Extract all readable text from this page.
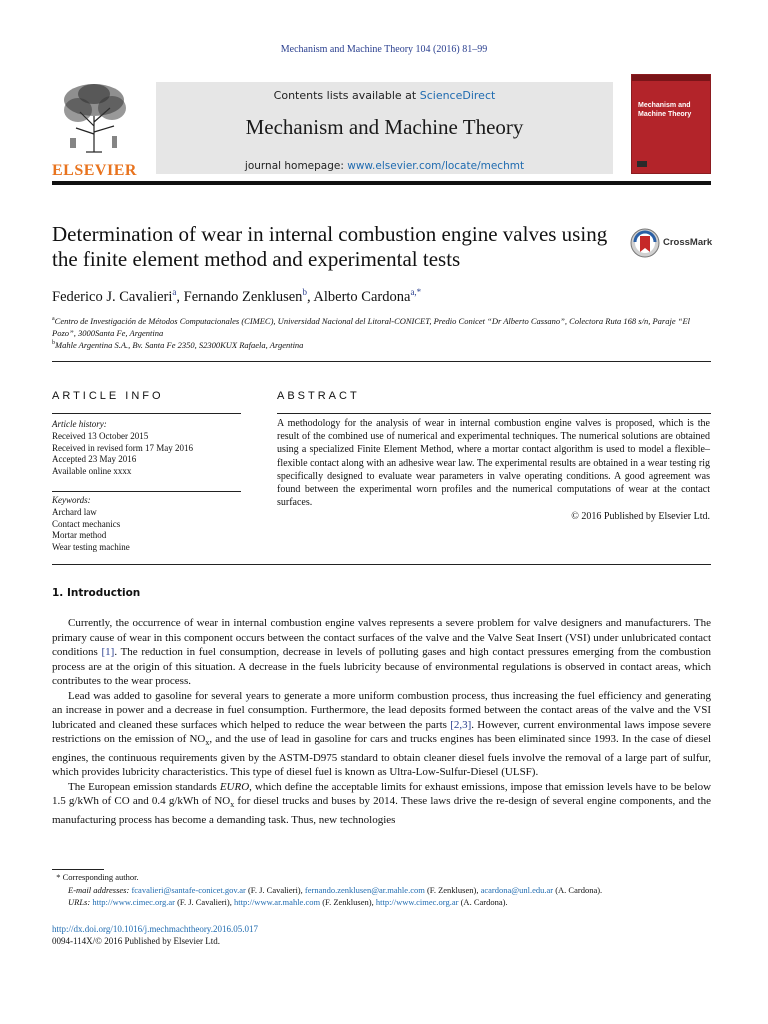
Mechanism and Machine Theory 104 (2016) 81–99
ELSEVIER
Contents lists available at ScienceDirect
Mechanism and Machine Theory
journal homepage: www.elsevier.com/locate/mechmt
Mechanism and Machine Theory
Determination of wear in internal combustion engine valves using the finite element method and experimental tests
CrossMark
Federico J. Cavalieri$^a$, Fernando Zenklusen$^b$, Alberto Cardona$^{a,*}$
$^a$Centro de Investigación de Métodos Computacionales (CIMEC), Universidad Nacional del Litoral-CONICET, Predio Conicet “Dr Alberto Cassano”, Colectora Ruta 168 s/n, Paraje “El Pozo”, 3000Santa Fe, Argentina
$^b$Mahle Argentina S.A., Bv. Santa Fe 2350, S2300KUX Rafaela, Argentina
ARTICLE INFO
Article history:
Received 13 October 2015
Received in revised form 17 May 2016
Accepted 23 May 2016
Available online xxxx
Keywords:
Archard law
Contact mechanics
Mortar method
Wear testing machine
ABSTRACT
A methodology for the analysis of wear in internal combustion engine valves is proposed, which is the result of the combined use of numerical and experimental techniques. The numerical solutions are obtained using a specialized Finite Element Method, where a mortar contact algorithm is used to model a flexible–flexible contact along with an adhesive wear law. The experimental results are obtained in a wear testing rig specifically designed to evaluate wear parameters in valve operating conditions. A good agreement was found between the experimental worn profiles and the numerical computations of wear at the contact surfaces.
© 2016 Published by Elsevier Ltd.
1. Introduction

Currently, the occurrence of wear in internal combustion engine valves represents a severe problem for valve designers and manufacturers. The primary cause of wear in this component occurs between the contact surfaces of the valve and the Valve Seat Insert (VSI) under unlubricated contact conditions [1]. The reduction in fuel consumption, decrease in levels of polluting gases and high contact pressures emerging from the combustion process are at the origin of this situation. A decrease in the fuels lubricity because of environmental regulations is observed in contact areas, which contributes to the wear process.

Lead was added to gasoline for several years to generate a more uniform combustion process, thus increasing the fuel efficiency and generating an increase in power and a decrease in fuel consumption. Furthermore, the lead deposits formed between the contact areas of the valve and the VSI lubricated and cleaned these surfaces which helped to reduce the wear between the parts [2,3]. However, current environmental laws impose severe restrictions on the emission of $NO_x$, and the use of lead in gasoline for cars and trucks engines has been eliminated since 1993. In the case of diesel engines, the continuous requirements given by the ASTM-D975 standard to obtain cleaner diesel fuels involve the removal of a large part of sulfur, which provides lubricity characteristics. This type of diesel fuel is known as Ultra-Low-Sulfur-Diesel (ULSF).

The European emission standards EURO, which define the acceptable limits for exhaust emissions, impose that emission levels have to be below 1.5 g/kWh of CO and 0.4 g/kWh of $NO_x$ for diesel trucks and buses by 2014. These laws drive the re-design of several engine components, and the manufacturing process has become a demanding task. Thus, new technologies

* Corresponding author.
E-mail addresses: fcavalieri@santafe-conicet.gov.ar (F. J. Cavalieri), fernando.zenklusen@ar.mahle.com (F. Zenklusen), acardona@unl.edu.ar (A. Cardona).
URLs: http://www.cimec.org.ar (F. J. Cavalieri), http://www.ar.mahle.com (F. Zenklusen), http://www.cimec.org.ar (A. Cardona).
http://dx.doi.org/10.1016/j.mechmachtheory.2016.05.017
0094-114X/© 2016 Published by Elsevier Ltd.
